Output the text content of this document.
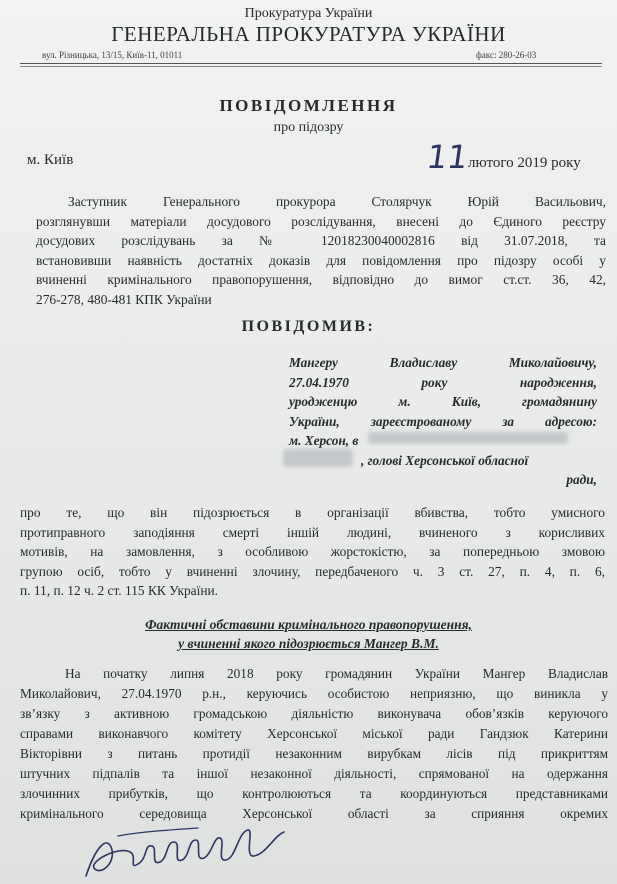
Прокуратура України
ГЕНЕРАЛЬНА ПРОКУРАТУРА УКРАЇНИ
вул. Різницька, 13/15, Київ-11, 01011	факс: 280-26-03
ПОВІДОМЛЕННЯ
про підозру
м. Київ	11
лютого 2019 року
Заступник Генерального прокурора Столярчук Юрій Васильович,
розглянувши матеріали досудового розслідування, внесені до Єдиного реєстру
досудових розслідувань за № 12018230040002816 від 31.07.2018, та
встановивши наявність достатніх доказів для повідомлення про підозру особі у
вчиненні кримінального правопорушення, відповідно до вимог ст.ст. 36, 42,
276-278, 480-481 КПК України
ПОВІДОМИВ:
Мангеру Владиславу Миколайовичу,
27.04.1970 року народження,
уродженцю м. Київ, громадянину
України, зареєстрованому за адресою:
м. Херсон, в
, голові Херсонської обласної
ради,
про те, що він підозрюється в організації вбивства, тобто умисного
протиправного заподіяння смерті іншій людині, вчиненого з корисливих
мотивів, на замовлення, з особливою жорстокістю, за попередньою змовою
групою осіб, тобто у вчиненні злочину, передбаченого ч. 3 ст. 27, п. 4, п. 6,
п. 11, п. 12 ч. 2 ст. 115 КК України.
Фактичні обставини кримінального правопорушення,
у вчиненні якого підозрюється Мангер В.М.
На початку липня 2018 року громадянин України Мангер Владислав
Миколайович, 27.04.1970 р.н., керуючись особистою неприязню, що виникла у
зв’язку з активною громадською діяльністю виконувача обов’язків керуючого
справами виконавчого комітету Херсонської міської ради Гандзюк Катерини
Вікторівни з питань протидії незаконним вирубкам лісів під прикриттям
штучних підпалів та іншої незаконної діяльності, спрямованої на одержання
злочинних прибутків, що контролюються та координуються представниками
кримінального середовища Херсонської області за сприяння окремих
